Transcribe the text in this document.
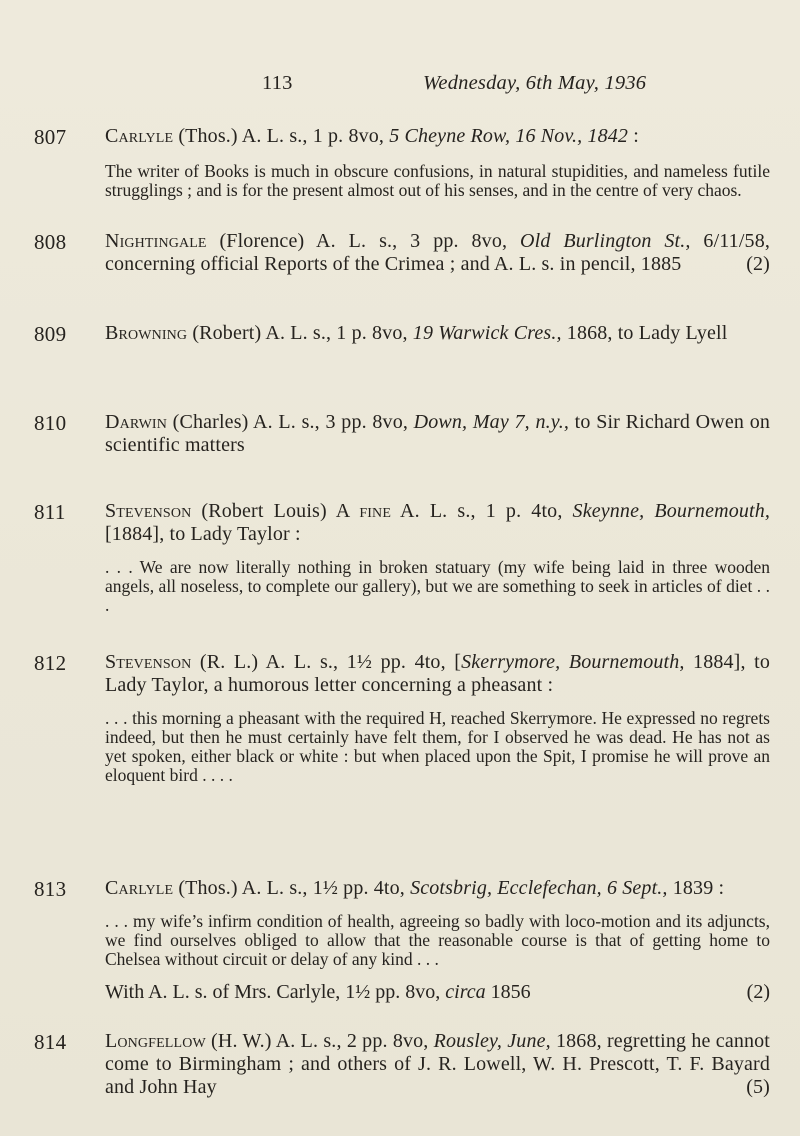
113	Wednesday, 6th May, 1936
807 Carlyle (Thos.) A. L. s., 1 p. 8vo, 5 Cheyne Row, 16 Nov., 1842 :

The writer of Books is much in obscure confusions, in natural stupidities, and nameless futile strugglings ; and is for the present almost out of his senses, and in the centre of very chaos.

808 Nightingale (Florence) A. L. s., 3 pp. 8vo, Old Burlington St., 6/11/58, concerning official Reports of the Crimea ; and A. L. s. in pencil, 1885	(2)

809 Browning (Robert) A. L. s., 1 p. 8vo, 19 Warwick Cres., 1868, to Lady Lyell

810 Darwin (Charles) A. L. s., 3 pp. 8vo, Down, May 7, n.y., to Sir Richard Owen on scientific matters

811 Stevenson (Robert Louis) A fine A. L. s., 1 p. 4to, Skeynne, Bournemouth, [1884], to Lady Taylor :

. . . We are now literally nothing in broken statuary (my wife being laid in three wooden angels, all noseless, to complete our gallery), but we are something to seek in articles of diet . . .

812 Stevenson (R. L.) A. L. s., 1½ pp. 4to, [Skerrymore, Bournemouth, 1884], to Lady Taylor, a humorous letter concerning a pheasant :

. . . this morning a pheasant with the required H, reached Skerrymore. He expressed no regrets indeed, but then he must certainly have felt them, for I observed he was dead. He has not as yet spoken, either black or white : but when placed upon the Spit, I promise he will prove an eloquent bird . . . .

813 Carlyle (Thos.) A. L. s., 1½ pp. 4to, Scotsbrig, Ecclefechan, 6 Sept., 1839 :

. . . my wife’s infirm condition of health, agreeing so badly with loco-motion and its adjuncts, we find ourselves obliged to allow that the reasonable course is that of getting home to Chelsea without circuit or delay of any kind . . .

With A. L. s. of Mrs. Carlyle, 1½ pp. 8vo, circa 1856	(2)

814 Longfellow (H. W.) A. L. s., 2 pp. 8vo, Rousley, June, 1868, regretting he cannot come to Birmingham ; and others of J. R. Lowell, W. H. Prescott, T. F. Bayard and John Hay	(5)
